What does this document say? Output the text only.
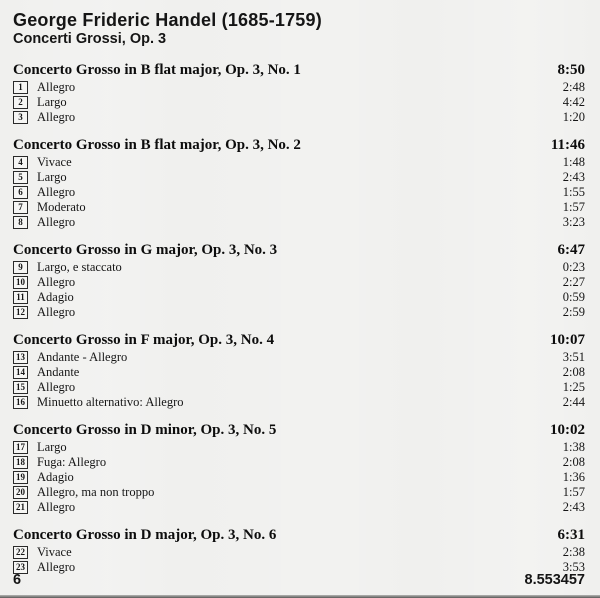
George Frideric Handel (1685-1759)
Concerti Grossi, Op. 3
Concerto Grosso in B flat major, Op. 3, No. 1	8:50
1	Allegro	2:48
2	Largo	4:42
3	Allegro	1:20
Concerto Grosso in B flat major, Op. 3, No. 2	11:46
4	Vivace	1:48
5	Largo	2:43
6	Allegro	1:55
7	Moderato	1:57
8	Allegro	3:23
Concerto Grosso in G major, Op. 3, No. 3	6:47
9	Largo, e staccato	0:23
10 Allegro	2:27
11 Adagio	0:59
12 Allegro	2:59
Concerto Grosso in F major, Op. 3, No. 4	10:07
13 Andante - Allegro	3:51
14 Andante	2:08
15 Allegro	1:25
16 Minuetto alternativo: Allegro	2:44
Concerto Grosso in D minor, Op. 3, No. 5	10:02
17 Largo	1:38
18 Fuga: Allegro	2:08
19 Adagio	1:36
20 Allegro, ma non troppo	1:57
21 Allegro	2:43
Concerto Grosso in D major, Op. 3, No. 6	6:31
22 Vivace	2:38
23 Allegro	3:53
6	8.553457
